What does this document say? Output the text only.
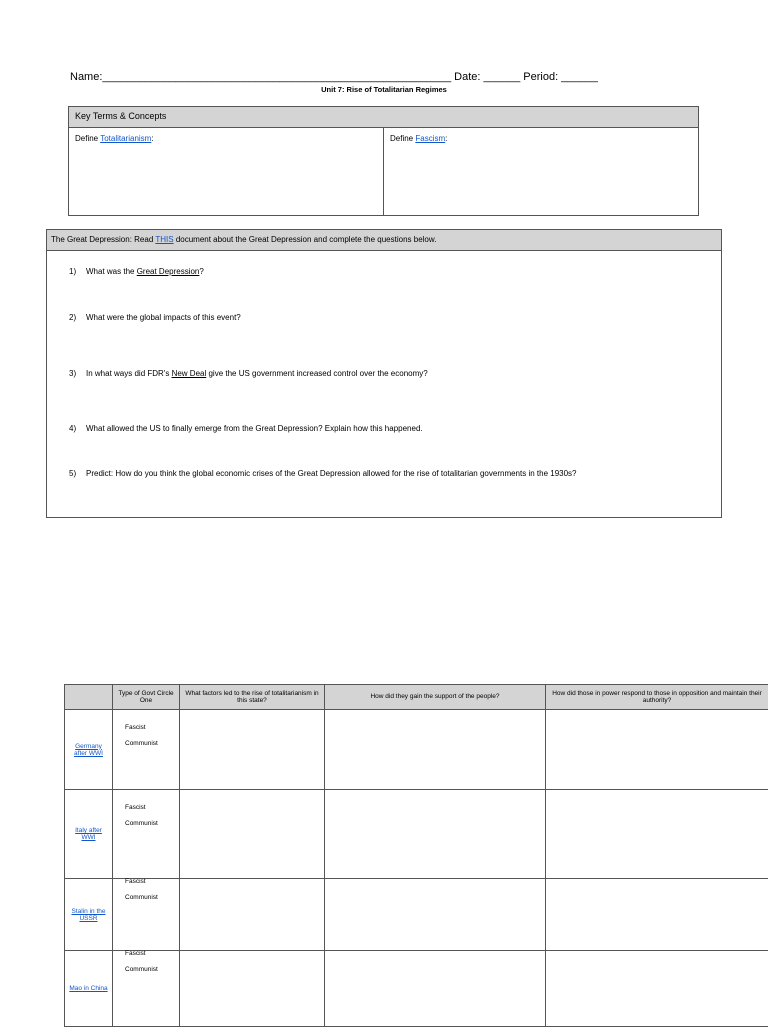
Name:_________________________________________________________ Date: ______ Period: ______
Unit 7: Rise of Totalitarian Regimes
Key Terms & Concepts
Define Totalitarianism:	Define Fascism:
The Great Depression: Read THIS document about the Great Depression and complete the questions below.
1) What was the Great Depression?
2) What were the global impacts of this event?
3) In what ways did FDR's New Deal give the US government increased control over the economy?
4) What allowed the US to finally emerge from the Great Depression? Explain how this happened.
5) Predict: How do you think the global economic crises of the Great Depression allowed for the rise of totalitarian governments in the 1930s?
	Type of Govt Circle One	What factors led to the rise of totalitarianism in this state?	How did they gain the support of the people?	How did those in power respond to those in opposition and maintain their authority?
Germany after WWI	Fascist
Communist			

Italy after WWI	Fascist
Communist			

Stalin in the USSR	Fascist
Communist			

Mao in China	Fascist
Communist			
